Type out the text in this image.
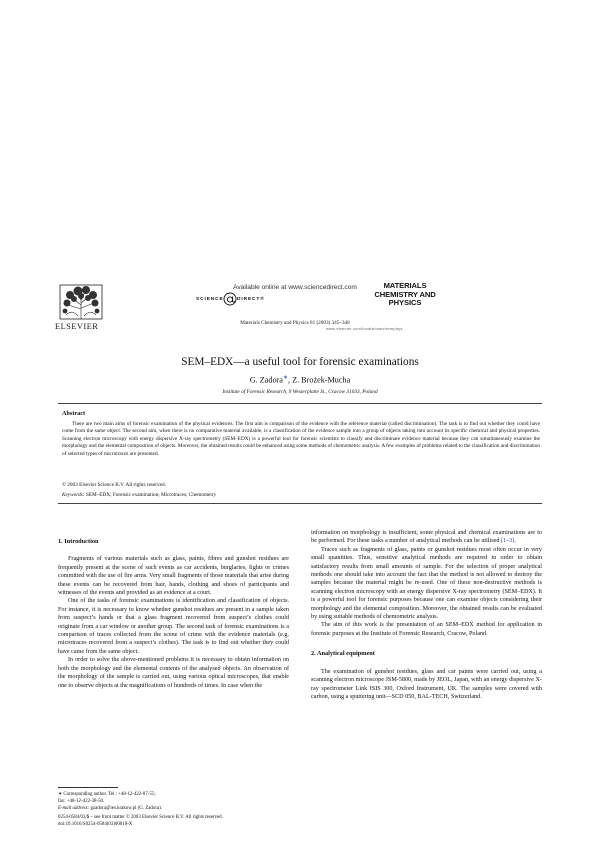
ELSEVIER
Available online at www.sciencedirect.com
SCIENCE	DIRECT®
Materials Chemistry and Physics 81 (2003) 345–348
MATERIALS
CHEMISTRY AND
PHYSICS
www.elsevier.com/locate/matchemphys
SEM–EDX—a useful tool for forensic examinations
G. Zadora∗, Z. Brożek-Mucha
Institute of Forensic Research, 9 Westerplatte St., Cracow 31033, Poland
Abstract
There are two main aims of forensic examination of the physical evidences. The first aim is comparison of the evidence with the reference material (called discrimination). The task is to find out whether they could have come from the same object. The second aim, when there is no comparative material available, is a classification of the evidence sample into a group of objects taking into account its specific chemical and physical properties. Scanning electron microscopy with energy dispersive X-ray spectrometry (SEM–EDX) is a powerful tool for forensic scientists to classify and discriminate evidence material because they can simultaneously examine the morphology and the elemental composition of objects. Moreover, the obtained results could be enhanced using some methods of chemometric analysis. A few examples of problems related to the classification and discrimination of selected types of microtraces are presented.
© 2003 Elsevier Science B.V. All rights reserved.
Keywords: SEM–EDX; Forensic examination; Microtraces; Chemometry
1. Introduction

Fragments of various materials such as glass, paints, fibres and gunshot residues are frequently present at the scene of such events as car accidents, burglaries, fights or crimes committed with the use of fire arms. Very small fragments of those materials that arise during these events can be recovered from hair, hands, clothing and shoes of participants and witnesses of the events and provided as an evidence at a court.

One of the tasks of forensic examinations is identification and classification of objects. For instance, it is necessary to know whether gunshot residues are present in a sample taken from suspect’s hands or that a glass fragment recovered from suspect’s clothes could originate from a car window or another group. The second task of forensic examinations is a comparison of traces collected from the scene of crime with the evidence materials (e.g. microtraces recovered from a suspect’s clothes). The task is to find out whether they could have came from the same object.

In order to solve the above-mentioned problems it is necessary to obtain information on both the morphology and the elemental contents of the analysed objects. An observation of the morphology of the sample is carried out, using various optical microscopes, that enable one to observe objects at the magnifications of hundreds of times. In case when the

information on morphology is insufficient, some physical and chemical examinations are to be performed. For these tasks a number of analytical methods can be utilised [1–3].

Traces such as fragments of glass, paints or gunshot residues most often occur in very small quantities. Thus, sensitive analytical methods are required in order to obtain satisfactory results from small amounts of sample. For the selection of proper analytical methods one should take into account the fact that the method is not allowed to destroy the samples because the material might be re-used. One of these non-destructive methods is scanning electron microscopy with an energy dispersive X-ray spectrometry (SEM–EDX). It is a powerful tool for forensic purposes because one can examine objects considering their morphology and the elemental composition. Moreover, the obtained results can be evaluated by using suitable methods of chemometric analysis.

The aim of this work is the presentation of an SEM–EDX method for application in forensic purposes at the Institute of Forensic Research, Cracow, Poland.

2. Analytical equipment

The examination of gunshot residues, glass and car paints were carried out, using a scanning electron microscope JSM-5800, made by JEOL, Japan, with an energy dispersive X-ray spectrometer Link ISIS 300, Oxford Instrument, UK. The samples were covered with carbon, using a sputtering unit—SCD 050, BAL-TECH, Switzerland.

∗ Corresponding author. Tel.: +48-12-422-87-55;
fax: +48-12-422-38-50.
E-mail address: gzadora@ies.krakow.pl (G. Zadora).
0254-0584/03/$ – see front matter © 2003 Elsevier Science B.V. All rights reserved.
doi:10.1016/S0254-0584(03)00018-X
